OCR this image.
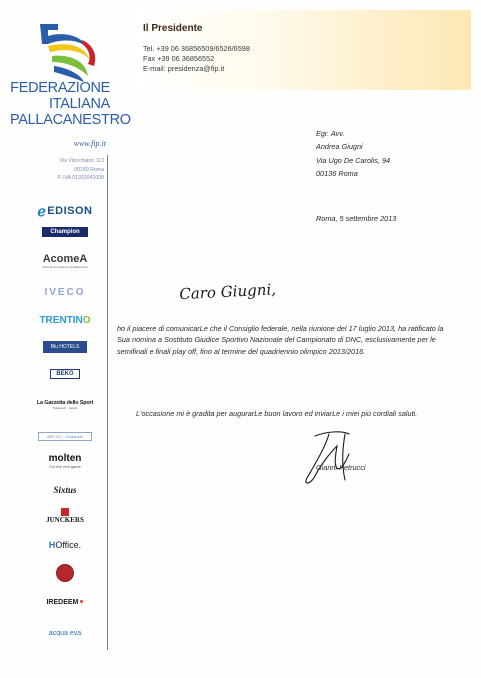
FEDERAZIONE ITALIANA PALLACANESTRO
www.fip.it
Via Vitorchiano 113
00189 Roma
P. IVA 01392041000
ℯ EDISON
Champion
AcomeA
Società di Gestione del Risparmio
IVECO
TRENTIN O
Blu HOTELS
BEKO
La Gazzetta dello Sport
Tuttosport · Jumbo
ARCTIC · Ortanique
molten
For the real game
Sixtus
JUNCKERS
H Office.
IREDEEM ♥
acqua eva
Il Presidente
Tel. +39 06 36856509/6526/6598
Fax +39 06 36856552
E-mail: presidenza@fip.it
Egr. Avv.
Andrea Giugni
Via Ugo De Carolis, 94
00136 Roma
Roma, 5 settembre 2013
Caro Giugni,

ho il piacere di comunicarLe che il Consiglio federale, nella riunione del 17 luglio 2013, ha ratificato la Sua nomina a Sostituto Giudice Sportivo Nazionale del Campionato di DNC, esclusivamente per le semifinali e finali play off, fino al termine del quadriennio olimpico 2013/2016.

L'occasione mi è gradita per augurarLe buon lavoro ed inviarLe i miei più cordiali saluti.

Gianni Petrucci
